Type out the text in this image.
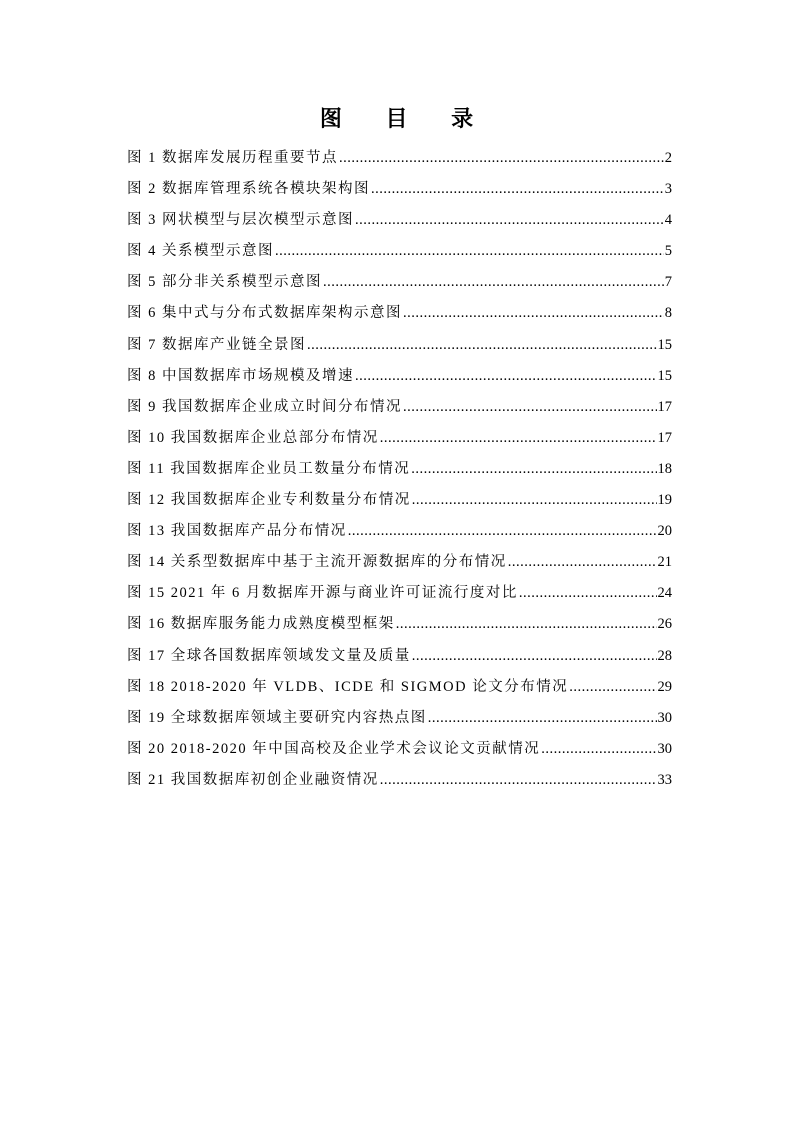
图 目 录
图 1 数据库发展历程重要节点 .....	2
图 2 数据库管理系统各模块架构图 .....	3
图 3 网状模型与层次模型示意图 .....	4
图 4 关系模型示意图 .....	5
图 5 部分非关系模型示意图 .....	7
图 6 集中式与分布式数据库架构示意图 .....	8
图 7 数据库产业链全景图 .....	15
图 8 中国数据库市场规模及增速 .....	15
图 9 我国数据库企业成立时间分布情况 .....	17
图 10 我国数据库企业总部分布情况 .....	17
图 11 我国数据库企业员工数量分布情况 .....	18
图 12 我国数据库企业专利数量分布情况 .....	19
图 13 我国数据库产品分布情况 .....	20
图 14 关系型数据库中基于主流开源数据库的分布情况 .....	21
图 15 2021 年 6 月数据库开源与商业许可证流行度对比 .....	24
图 16 数据库服务能力成熟度模型框架 .....	26
图 17 全球各国数据库领域发文量及质量 .....	28
图 18 2018-2020 年 VLDB、ICDE 和 SIGMOD 论文分布情况 .....	29
图 19 全球数据库领域主要研究内容热点图 .....	30
图 20 2018-2020 年中国高校及企业学术会议论文贡献情况 .....	30
图 21 我国数据库初创企业融资情况 .....	33
